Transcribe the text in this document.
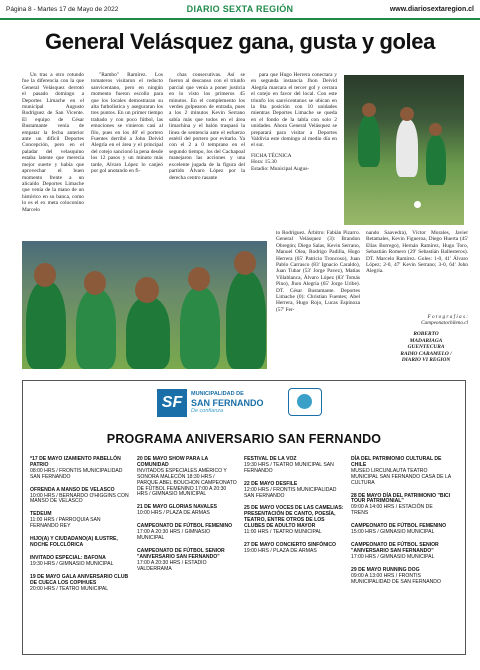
Página 8 - Martes 17 de Mayo de 2022	DIARIO SEXTA REGIÓN	www.diariosextaregion.cl
General Velásquez gana, gusta y golea

Un tras a otro rotundo fue la diferencia con la que General Velásquez derrotó el pasado domingo a Deportes Limache en el municipal Augusto Rodríguez de San Vicente. El equipo de César Bustamante venía de empatar la fecha anterior ante un difícil Deportes Concepción, pero en el paladar del velasquino estaba latente que merecía mejor suerte y había que aprovechar el buen momento frente a un alicaído Deportes Limache que venía de la mano de un histórico en su banca, como lo es el ex meta coloconino Marcelo

"Rambo" Ramírez. Los tomateros visitaron el reducto sanvicentano, pero en ningún momento fueron escollo para que los locales demostraran su alta futbolística y aseguraran los tres puntos. En un primer tiempo trabado y con poco fútbol, las emociones se vinieron casi al filo, pues en los 40' el portero Fuentes derribó a John Deivid Alegría en el área y el principal del cotejo sancionó la pena desde los 12 pasos y un minuto más tarde, Alvaro López lo canjeó por gol anotando en fi-

chas consecutivas. Así se fueron al descanso con el triunfo parcial que venía a poner justicia en lo visto los primeros 45 minutos. En el complemento los verdes golpearon de entrada, pues a los 2 minutos Kevin Serrano sabía más que todos en el área limachina y el balón traspasó la línea de sentencia ante el esfuerzo estéril del portero por evitarlo. Ya con el 2 a 0 temprano en el segundo tiempo, los del Cachapoal manejaron las acciones y una excelente jugada de la figura del partido Álvaro López por la derecha centro rasante

para que Hugo Herrera conectara y en segunda instancia Jhon Deivid Alegría marcara el tercer gol y cerrara el cotejo en favor del local. Con este triunfo los sanvicentanos se ubican en la 8ta posición con 10 unidades mientras Deportes Limache se queda en el fondo de la tabla con solo 2 unidades. Ahora General Velásquez se preparará para visitar a Deportes Valdivia este domingo al medio día en el sur.

FICHA TÉCNICA
Hora: 15.30
Estadio: Municipal Augus-
to Rodríguez. Árbitro: Fabián Pizarro. General Velásquez (3): Brandon Obregón; Diego Salas, Kevin Serrano, Manuel Olea, Rodrigo Padilla, Hugo Herrera (65' Patricio Troncoso), Juan Pablo Carrasco (83' Ignacio Caraldo), Juan Tubar (53' Jorge Pavez), Matías Villablanca, Álvaro López (83' Tomás Pino), Jhon Alegría (65' Jorge Uribe). DT. César Bustamante. Deportes Limache (0): Christian Fuentes; Abel Herrera, Hugo Rojo, Lucas Espinoza (57' Fer-
nando Saavedra), Víctor Morales, Javier Retamales, Kevin Figueroa, Diego Huerta (45' Elías Borrego), Hernán Ramírez, Hugo Toro, Sebastián Romero (29' Sebastián Ballesteros). DT. Marcelo Ramírez. Goles: 1-0, 41' Álvaro López; 2-0, 47' Kevin Serrano; 3-0, 64' John Alegría.
F o t o g r a f í a s :
Campeonatochileno.cl
ROBERTO
MADARIAGA
GUENTECURA
RADIO CARAMELO /
DIARIO VI REGION
SF	MUNICIPALIDAD DE
SAN FERNANDO
De confianza
PROGRAMA ANIVERSARIO SAN FERNANDO
*17 DE MAYO IZAMIENTO PABELLÓN PATRIO
08:00 HRS / FRONTIS MUNICIPALIDAD SAN FERNANDO
OFRENDA A MANSO DE VELASCO
10:00 HRS / BERNARDO O'HIGGINS CON MANSO DE VELASCO
TEDEUM
11:00 HRS / PARROQUIA SAN FERNANDO REY
HIJO(A) Y CIUDADANO(A) ILUSTRE, NOCHE FOLCLÓRICA
INVITADO ESPECIAL: BAFONA
19:30 HRS / GIMNASIO MUNICIPAL
19 DE MAYO GALA ANIVERSARIO CLUB DE CUECA LOS COPIHUES
20:00 HRS / TEATRO MUNICIPAL
20 DE MAYO SHOW PARA LA COMUNIDAD
INVITADOS ESPECIALES AMÉRICO Y SONORA MALECÓN 18:30 HRS / PARQUE ABEL BOUCHON CAMPEONATO DE FÚTBOL FEMENINO 17:00 A 20:30 HRS / GIMNASIO MUNICIPAL
21 DE MAYO GLORIAS NAVALES
10:00 HRS / PLAZA DE ARMAS
CAMPEONATO DE FÚTBOL FEMENINO
17:00 A 20:30 HRS / GIMNASIO MUNICIPAL
CAMPEONATO DE FÚTBOL SENIOR "ANIVERSARIO SAN FERNANDO"
17:00 A 20:30 HRS / ESTADIO VALDERRAMA
FESTIVAL DE LA VOZ
19:30 HRS / TEATRO MUNICIPAL SAN FERNANDO
22 DE MAYO DESFILE
12:00 HRS / FRONTIS MUNICIPALIDAD SAN FERNANDO
25 DE MAYO VOCES DE LAS CAMELIAS: PRESENTACIÓN DE CANTO, POESÍA, TEATRO, ENTRE OTROS DE LOS CLUBES DE ADULTO MAYOR
11:00 HRS / TEATRO MUNICIPAL
27 DE MAYO CONCIERTO SINFÓNICO
19:00 HRS / PLAZA DE ARMAS
DÍA DEL PATRIMONIO CULTURAL DE CHILE
MUSEO LIRCUNLAUTA TEATRO MUNICIPAL SAN FERNANDO CASA DE LA CULTURA
28 DE MAYO DÍA DEL PATRIMONIO "BICI TOUR PATRIMONIAL"
09:00 A 14:00 HRS / ESTACIÓN DE TRENS
CAMPEONATO DE FÚTBOL FEMENINO
15:00 HRS / GIMNASIO MUNICIPAL
CAMPEONATO DE FÚTBOL SENIOR "ANIVERSARIO SAN FERNANDO"
17:00 HRS / GIMNASIO MUNICIPAL
29 DE MAYO RUNNING DOG
09:00 A 13:00 HRS / FRONTIS MUNICIPALIDAD DE SAN FERNANDO
